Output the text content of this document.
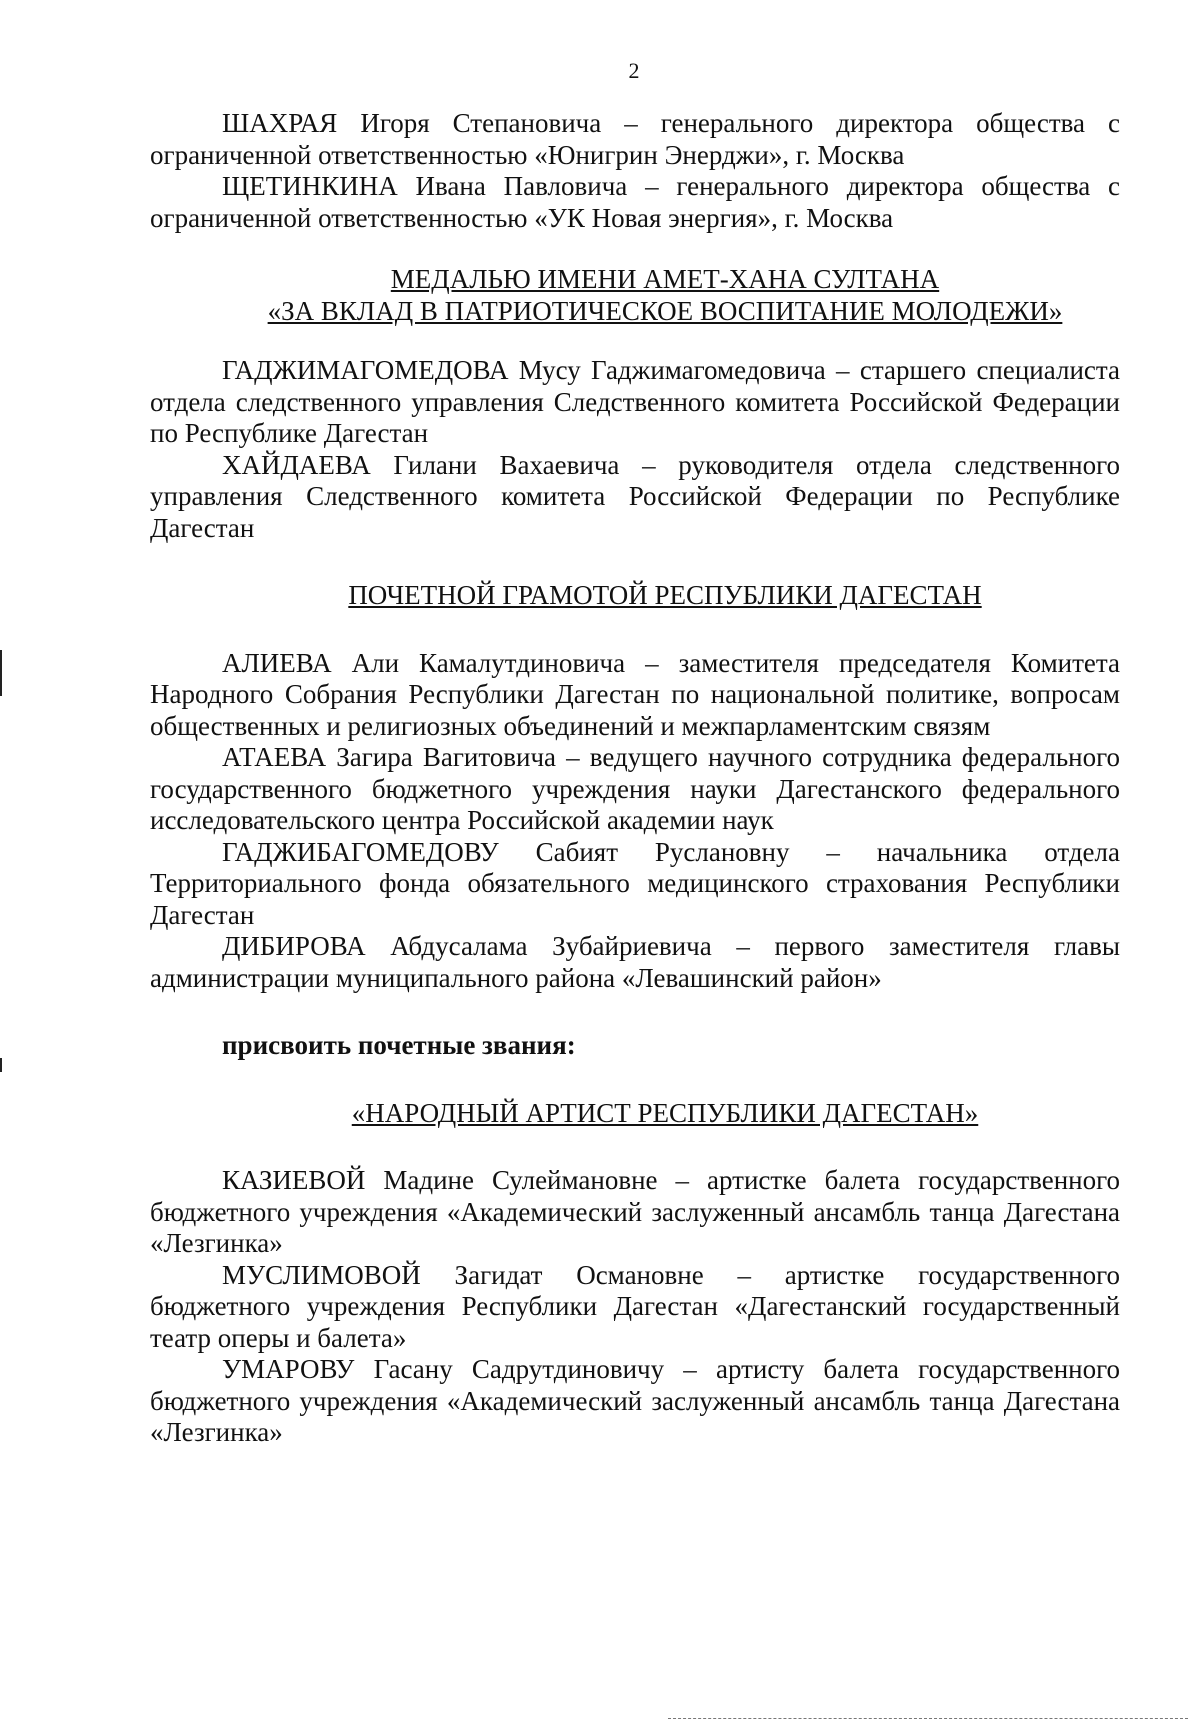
2

ШАХРАЯ Игоря Степановича – генерального директора общества с ограниченной ответственностью «Юнигрин Энерджи», г. Москва

ЩЕТИНКИНА Ивана Павловича – генерального директора общества с ограниченной ответственностью «УК Новая энергия», г. Москва

МЕДАЛЬЮ ИМЕНИ АМЕТ-ХАНА СУЛТАНА

«ЗА ВКЛАД В ПАТРИОТИЧЕСКОЕ ВОСПИТАНИЕ МОЛОДЕЖИ»

ГАДЖИМАГОМЕДОВА Мусу Гаджимагомедовича – старшего специалиста отдела следственного управления Следственного комитета Российской Федерации по Республике Дагестан

ХАЙДАЕВА Гилани Вахаевича – руководителя отдела следственного управления Следственного комитета Российской Федерации по Республике Дагестан

ПОЧЕТНОЙ ГРАМОТОЙ РЕСПУБЛИКИ ДАГЕСТАН

АЛИЕВА Али Камалутдиновича – заместителя председателя Комитета Народного Собрания Республики Дагестан по национальной политике, вопросам общественных и религиозных объединений и межпарламентским связям

АТАЕВА Загира Вагитовича – ведущего научного сотрудника федерального государственного бюджетного учреждения науки Дагестанского федерального исследовательского центра Российской академии наук

ГАДЖИБАГОМЕДОВУ Сабият Руслановну – начальника отдела Территориального фонда обязательного медицинского страхования Республики Дагестан

ДИБИРОВА Абдусалама Зубайриевича – первого заместителя главы администрации муниципального района «Левашинский район»

присвоить почетные звания:

«НАРОДНЫЙ АРТИСТ РЕСПУБЛИКИ ДАГЕСТАН»

КАЗИЕВОЙ Мадине Сулеймановне – артистке балета государственного бюджетного учреждения «Академический заслуженный ансамбль танца Дагестана «Лезгинка»

МУСЛИМОВОЙ Загидат Османовне – артистке государственного бюджетного учреждения Республики Дагестан «Дагестанский государственный театр оперы и балета»

УМАРОВУ Гасану Садрутдиновичу – артисту балета государственного бюджетного учреждения «Академический заслуженный ансамбль танца Дагестана «Лезгинка»
